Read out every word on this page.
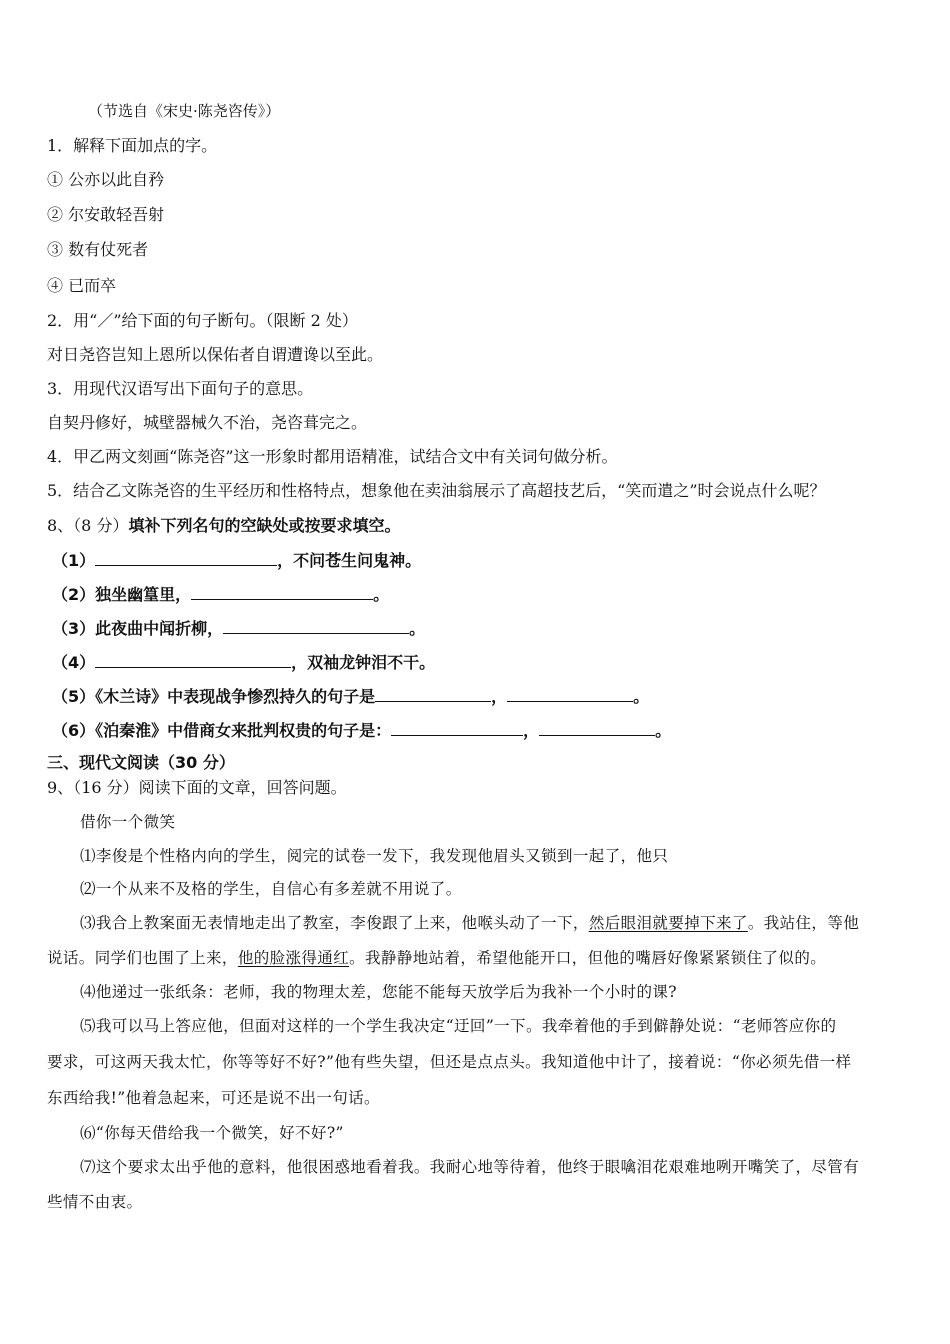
（节选自《宋史·陈尧咨传》）
1．解释下面加点的字。
① 公亦以此自矜
② 尔安敢轻吾射
③ 数有仗死者
④ 已而卒
2．用“／”给下面的句子断句。（限断 2 处）
对日尧咨岂知上恩所以保佑者自谓遭谗以至此。
3．用现代汉语写出下面句子的意思。
自契丹修好，城壁器械久不治，尧咨葺完之。
4．甲乙两文刻画“陈尧咨”这一形象时都用语精准，试结合文中有关词句做分析。
5．结合乙文陈尧咨的生平经历和性格特点，想象他在卖油翁展示了高超技艺后，“笑而遣之”时会说点什么呢？
8、（8 分）填补下列名句的空缺处或按要求填空。
（1）	，不问苍生问鬼神。
（2）独坐幽篁里，	。
（3）此夜曲中闻折柳，	。
（4）	，双袖龙钟泪不干。
（5）《木兰诗》中表现战争惨烈持久的句子是	，	。
（6）《泊秦淮》中借商女来批判权贵的句子是：	，	。
三、现代文阅读（30 分）
9、（16 分）阅读下面的文章，回答问题。
借你一个微笑
⑴李俊是个性格内向的学生，阅完的试卷一发下，我发现他眉头又锁到一起了，他只
⑵一个从来不及格的学生，自信心有多差就不用说了。
⑶我合上教案面无表情地走出了教室，李俊跟了上来，他喉头动了一下，然后眼泪就要掉下来了。我站住，等他
说话。同学们也围了上来，他的脸涨得通红。我静静地站着，希望他能开口，但他的嘴唇好像紧紧锁住了似的。
⑷他递过一张纸条：老师，我的物理太差，您能不能每天放学后为我补一个小时的课?
⑸我可以马上答应他，但面对这样的一个学生我决定“迂回”一下。我牵着他的手到僻静处说：“老师答应你的
要求，可这两天我太忙，你等等好不好?”他有些失望，但还是点点头。我知道他中计了，接着说：“你必须先借一样
东西给我!”他着急起来，可还是说不出一句话。
⑹“你每天借给我一个微笑，好不好?”
⑺这个要求太出乎他的意料，他很困惑地看着我。我耐心地等待着，他终于眼噙泪花艰难地咧开嘴笑了，尽管有
些情不由衷。
